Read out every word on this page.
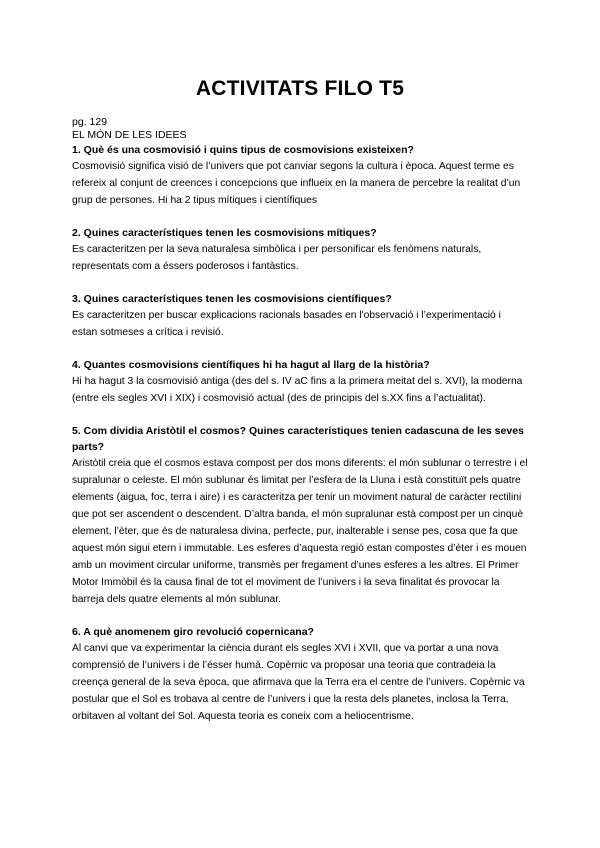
ACTIVITATS FILO T5
pg. 129
EL MÓN DE LES IDEES

1. Què és una cosmovisió i quins tipus de cosmovisions existeixen?

Cosmovisió significa visió de l’univers que pot canviar segons la cultura i època. Aquest terme es refereix al conjunt de creences i concepcions que influeix en la manera de percebre la realitat d’un grup de persones. Hi ha 2 tipus mítiques i científiques

2. Quines característiques tenen les cosmovisions mítiques?

Es caracteritzen per la seva naturalesa simbòlica i per personificar els fenòmens naturals, representats com a éssers poderosos i fantàstics.

3. Quines característiques tenen les cosmovisions científiques?

Es caracteritzen per buscar explicacions racionals basades en l'observació i l’experimentació i estan sotmeses a crítica i revisió.

4. Quantes cosmovisions científiques hi ha hagut al llarg de la història?

Hi ha hagut 3 la cosmovisió antiga (des del s. IV aC fins a la primera meitat del s. XVI), la moderna (entre els segles XVI i XIX) i cosmovisió actual (des de principis del s.XX fins a l’actualitat).

5. Com dividia Aristòtil el cosmos? Quines característiques tenien cadascuna de les seves parts?

Aristòtil creia que el cosmos estava compost per dos mons diferents: el món sublunar o terrestre i el supralunar o celeste. El món sublunar és limitat per l’esfera de la Lluna i està constituït pels quatre elements (aigua, foc, terra i aire) i es caracteritza per tenir un moviment natural de caràcter rectilini que pot ser ascendent o descendent. D’altra banda, el món supralunar està compost per un cinquè element, l’èter, que és de naturalesa divina, perfecte, pur, inalterable i sense pes, cosa que fa que aquest món sigui etern i immutable. Les esferes d’aquesta regió estan compostes d’èter i es mouen amb un moviment circular uniforme, transmès per fregament d’unes esferes a les altres. El Primer Motor Immòbil és la causa final de tot el moviment de l’univers i la seva finalitat és provocar la barreja dels quatre elements al món sublunar.

6. A què anomenem giro revolució copernicana?

Al canvi que va experimentar la ciència durant els segles XVI i XVII, que va portar a una nova comprensió de l’univers i de l’ésser humà. Copèrnic va proposar una teoria que contradeia la creença general de la seva època, que afirmava que la Terra era el centre de l’univers. Copèrnic va postular que el Sol es trobava al centre de l’univers i que la resta dels planetes, inclosa la Terra, orbitaven al voltant del Sol. Aquesta teoria es coneix com a heliocentrisme.
